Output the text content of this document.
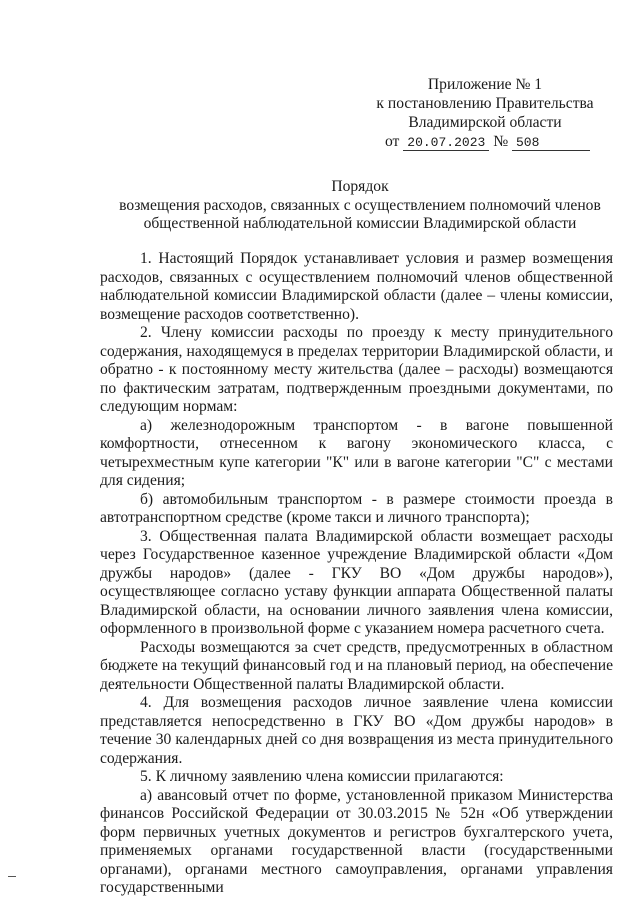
Приложение № 1
к постановлению Правительства
Владимирской области
от 20.07.2023 № 508
Порядок
возмещения расходов, связанных с осуществлением полномочий членов
общественной наблюдательной комиссии Владимирской области

1. Настоящий Порядок устанавливает условия и размер возмещения расходов, связанных с осуществлением полномочий членов общественной наблюдательной комиссии Владимирской области (далее – члены комиссии, возмещение расходов соответственно).

2. Члену комиссии расходы по проезду к месту принудительного содержания, находящемуся в пределах территории Владимирской области, и обратно - к постоянному месту жительства (далее – расходы) возмещаются по фактическим затратам, подтвержденным проездными документами, по следующим нормам:

а) железнодорожным транспортом - в вагоне повышенной комфортности, отнесенном к вагону экономического класса, с четырехместным купе категории "К" или в вагоне категории "С" с местами для сидения;

б) автомобильным транспортом - в размере стоимости проезда в автотранспортном средстве (кроме такси и личного транспорта);

3. Общественная палата Владимирской области возмещает расходы через Государственное казенное учреждение Владимирской области «Дом дружбы народов» (далее - ГКУ ВО «Дом дружбы народов»), осуществляющее согласно уставу функции аппарата Общественной палаты Владимирской области, на основании личного заявления члена комиссии, оформленного в произвольной форме с указанием номера расчетного счета.

Расходы возмещаются за счет средств, предусмотренных в областном бюджете на текущий финансовый год и на плановый период, на обеспечение деятельности Общественной палаты Владимирской области.

4. Для возмещения расходов личное заявление члена комиссии представляется непосредственно в ГКУ ВО «Дом дружбы народов» в течение 30 календарных дней со дня возвращения из места принудительного содержания.

5. К личному заявлению члена комиссии прилагаются:

а) авансовый отчет по форме, установленной приказом Министерства финансов Российской Федерации от 30.03.2015 № 52н «Об утверждении форм первичных учетных документов и регистров бухгалтерского учета, применяемых органами государственной власти (государственными органами), органами местного самоуправления, органами управления государственными
